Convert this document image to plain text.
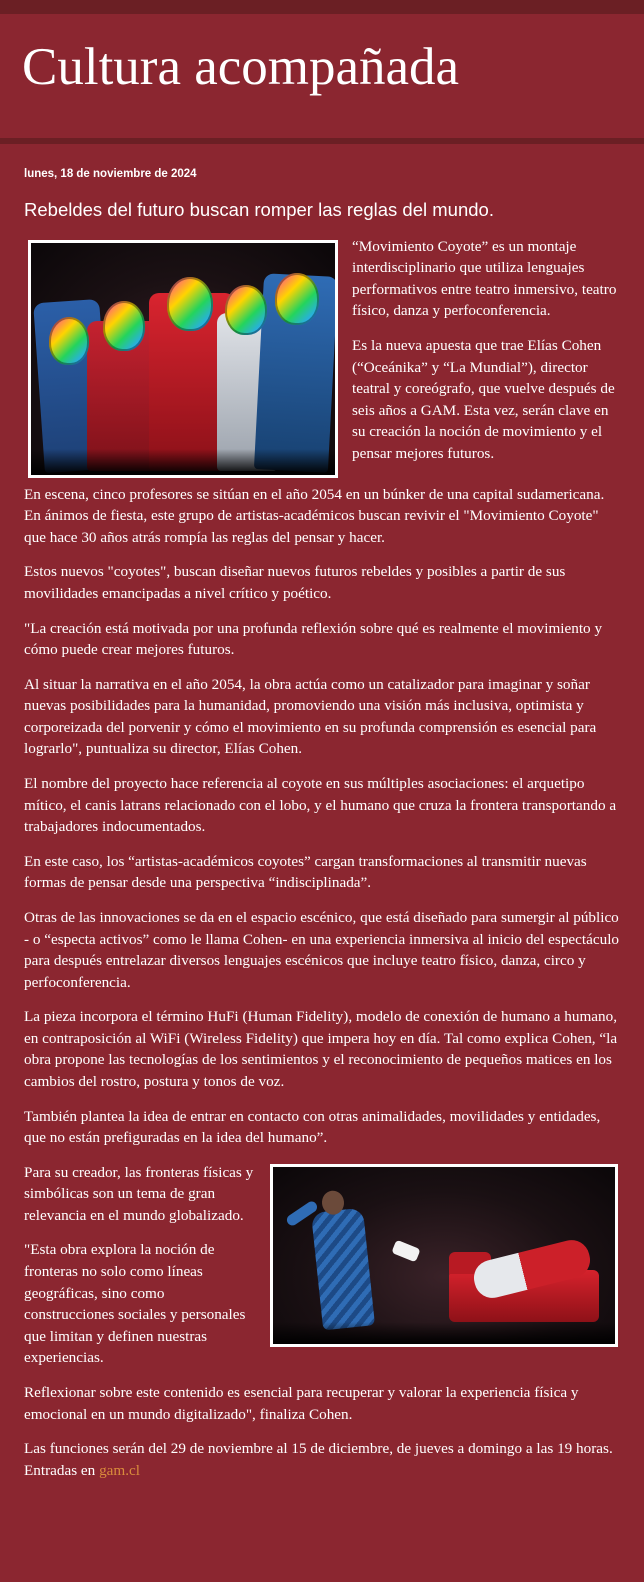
Cultura acompañada
lunes, 18 de noviembre de 2024
Rebeldes del futuro buscan romper las reglas del mundo.

“Movimiento Coyote” es un montaje interdisciplinario que utiliza lenguajes performativos entre teatro inmersivo, teatro físico, danza y perfoconferencia.

Es la nueva apuesta que trae Elías Cohen (“Oceánika” y “La Mundial”), director teatral y coreógrafo, que vuelve después de seis años a GAM. Esta vez, serán clave en su creación la noción de movimiento y el pensar mejores futuros.

En escena, cinco profesores se sitúan en el año 2054 en un búnker de una capital sudamericana. En ánimos de fiesta, este grupo de artistas-académicos buscan revivir el "Movimiento Coyote" que hace 30 años atrás rompía las reglas del pensar y hacer.

Estos nuevos "coyotes", buscan diseñar nuevos futuros rebeldes y posibles a partir de sus movilidades emancipadas a nivel crítico y poético.

"La creación está motivada por una profunda reflexión sobre qué es realmente el movimiento y cómo puede crear mejores futuros.

Al situar la narrativa en el año 2054, la obra actúa como un catalizador para imaginar y soñar nuevas posibilidades para la humanidad, promoviendo una visión más inclusiva, optimista y corporeizada del porvenir y cómo el movimiento en su profunda comprensión es esencial para lograrlo", puntualiza su director, Elías Cohen.

El nombre del proyecto hace referencia al coyote en sus múltiples asociaciones: el arquetipo mítico, el canis latrans relacionado con el lobo, y el humano que cruza la frontera transportando a trabajadores indocumentados.

En este caso, los “artistas-académicos coyotes” cargan transformaciones al transmitir nuevas formas de pensar desde una perspectiva “indisciplinada”.

Otras de las innovaciones se da en el espacio escénico, que está diseñado para sumergir al público - o “especta activos” como le llama Cohen- en una experiencia inmersiva al inicio del espectáculo para después entrelazar diversos lenguajes escénicos que incluye teatro físico, danza, circo y perfoconferencia.

La pieza incorpora el término HuFi (Human Fidelity), modelo de conexión de humano a humano, en contraposición al WiFi (Wireless Fidelity) que impera hoy en día. Tal como explica Cohen, “la obra propone las tecnologías de los sentimientos y el reconocimiento de pequeños matices en los cambios del rostro, postura y tonos de voz.

También plantea la idea de entrar en contacto con otras animalidades, movilidades y entidades, que no están prefiguradas en la idea del humano”.

Para su creador, las fronteras físicas y simbólicas son un tema de gran relevancia en el mundo globalizado.

"Esta obra explora la noción de fronteras no solo como líneas geográficas, sino como construcciones sociales y personales que limitan y definen nuestras experiencias.

Reflexionar sobre este contenido es esencial para recuperar y valorar la experiencia física y emocional en un mundo digitalizado", finaliza Cohen.

Las funciones serán del 29 de noviembre al 15 de diciembre, de jueves a domingo a las 19 horas. Entradas en gam.cl
